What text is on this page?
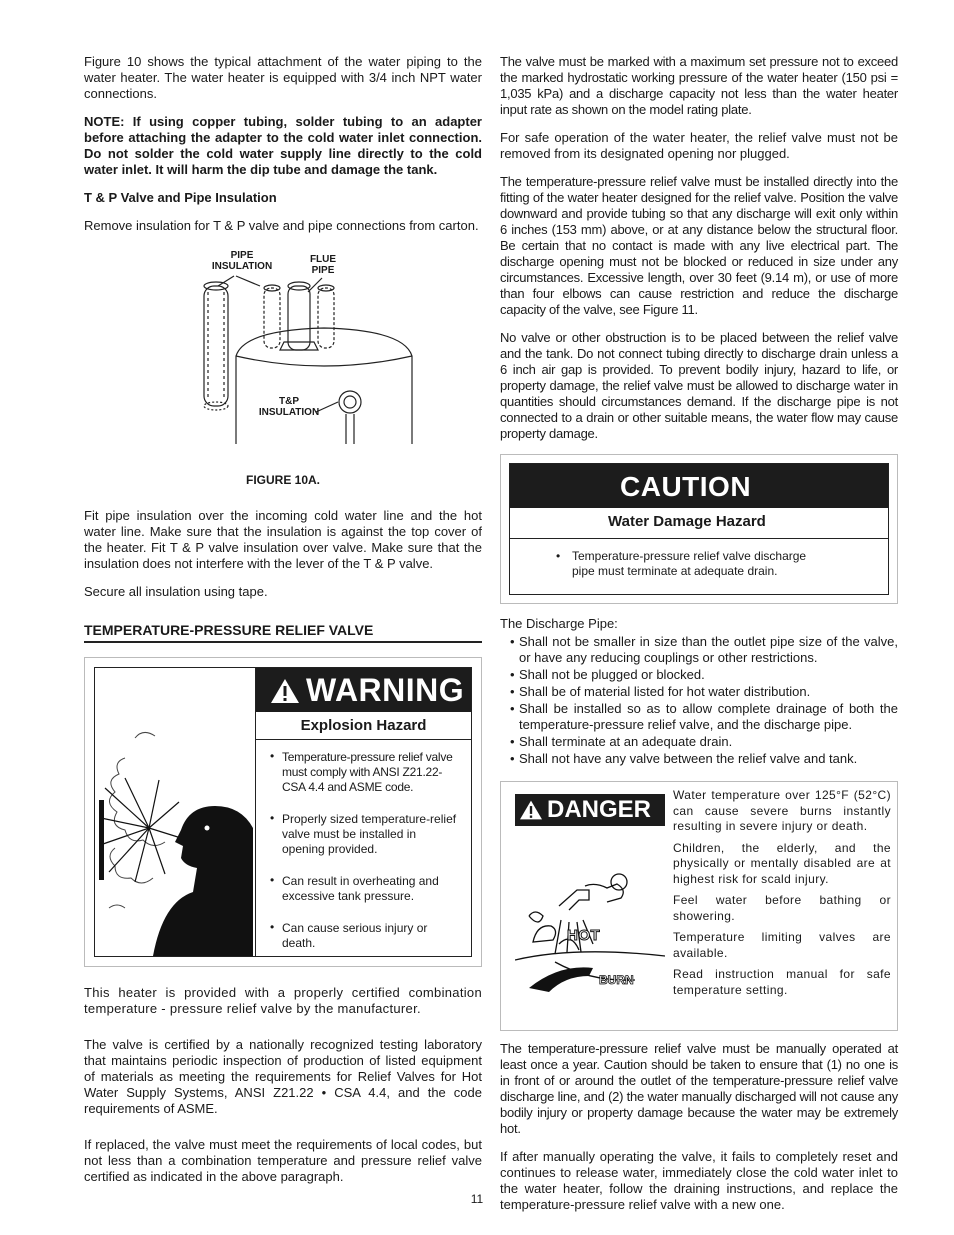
Figure 10 shows the typical attachment of the water piping to the water heater. The water heater is equipped with 3/4 inch NPT water connections.

NOTE: If using copper tubing, solder tubing to an adapter before attaching the adapter to the cold water inlet connection. Do not solder the cold water supply line directly to the cold water inlet. It will harm the dip tube and damage the tank.

T & P Valve and Pipe Insulation

Remove insulation for T & P valve and pipe connections from carton.

PIPE
INSULATION
FLUE
PIPE
T&P
INSULATION
FIGURE 10A.

Fit pipe insulation over the incoming cold water line and the hot water line. Make sure that the insulation is against the top cover of the heater. Fit T & P valve insulation over valve. Make sure that the insulation does not interfere with the lever of the T & P valve.

Secure all insulation using tape.

TEMPERATURE-PRESSURE RELIEF VALVE
WARNING
Explosion Hazard
• Temperature-pressure relief valve must comply with ANSI Z21.22-CSA 4.4 and ASME code.
• Properly sized temperature-relief valve must be installed in opening provided.
• Can result in overheating and excessive tank pressure.
• Can cause serious injury or death.

This heater is provided with a properly certified combination temperature - pressure relief valve by the manufacturer.

The valve is certified by a nationally recognized testing laboratory that maintains periodic inspection of production of listed equipment of materials as meeting the requirements for Relief Valves for Hot Water Supply Systems, ANSI Z21.22 • CSA 4.4, and the code requirements of ASME.

If replaced, the valve must meet the requirements of local codes, but not less than a combination temperature and pressure relief valve certified as indicated in the above paragraph.

The valve must be marked with a maximum set pressure not to exceed the marked hydrostatic working pressure of the water heater (150 psi = 1,035 kPa) and a discharge capacity not less than the water heater input rate as shown on the model rating plate.

For safe operation of the water heater, the relief valve must not be removed from its designated opening nor plugged.

The temperature-pressure relief valve must be installed directly into the fitting of the water heater designed for the relief valve. Position the valve downward and provide tubing so that any discharge will exit only within 6 inches (153 mm) above, or at any distance below the structural floor. Be certain that no contact is made with any live electrical part. The discharge opening must not be blocked or reduced in size under any circumstances. Excessive length, over 30 feet (9.14 m), or use of more than four elbows can cause restriction and reduce the discharge capacity of the valve, see Figure 11.

No valve or other obstruction is to be placed between the relief valve and the tank. Do not connect tubing directly to discharge drain unless a 6 inch air gap is provided. To prevent bodily injury, hazard to life, or property damage, the relief valve must be allowed to discharge water in quantities should circumstances demand. If the discharge pipe is not connected to a drain or other suitable means, the water flow may cause property damage.

CAUTION
Water Damage Hazard
• Temperature-pressure relief valve discharge
pipe must terminate at adequate drain.
The Discharge Pipe:
• Shall not be smaller in size than the outlet pipe size of the valve, or have any reducing couplings or other restrictions.
• Shall not be plugged or blocked.
• Shall be of material listed for hot water distribution.
• Shall be installed so as to allow complete drainage of both the temperature-pressure relief valve, and the discharge pipe.
• Shall terminate at an adequate drain.
• Shall not have any valve between the relief valve and tank.
DANGER
HOT
BURN
Water temperature over 125°F (52°C) can cause severe burns instantly resulting in severe injury or death.
Children, the elderly, and the physically or mentally disabled are at highest risk for scald injury.
Feel water before bathing or showering.
Temperature limiting valves are available.
Read instruction manual for safe temperature setting.

The temperature-pressure relief valve must be manually operated at least once a year. Caution should be taken to ensure that (1) no one is in front of or around the outlet of the temperature-pressure relief valve discharge line, and (2) the water manually discharged will not cause any bodily injury or property damage because the water may be extremely hot.

If after manually operating the valve, it fails to completely reset and continues to release water, immediately close the cold water inlet to the water heater, follow the draining instructions, and replace the temperature-pressure relief valve with a new one.

11
